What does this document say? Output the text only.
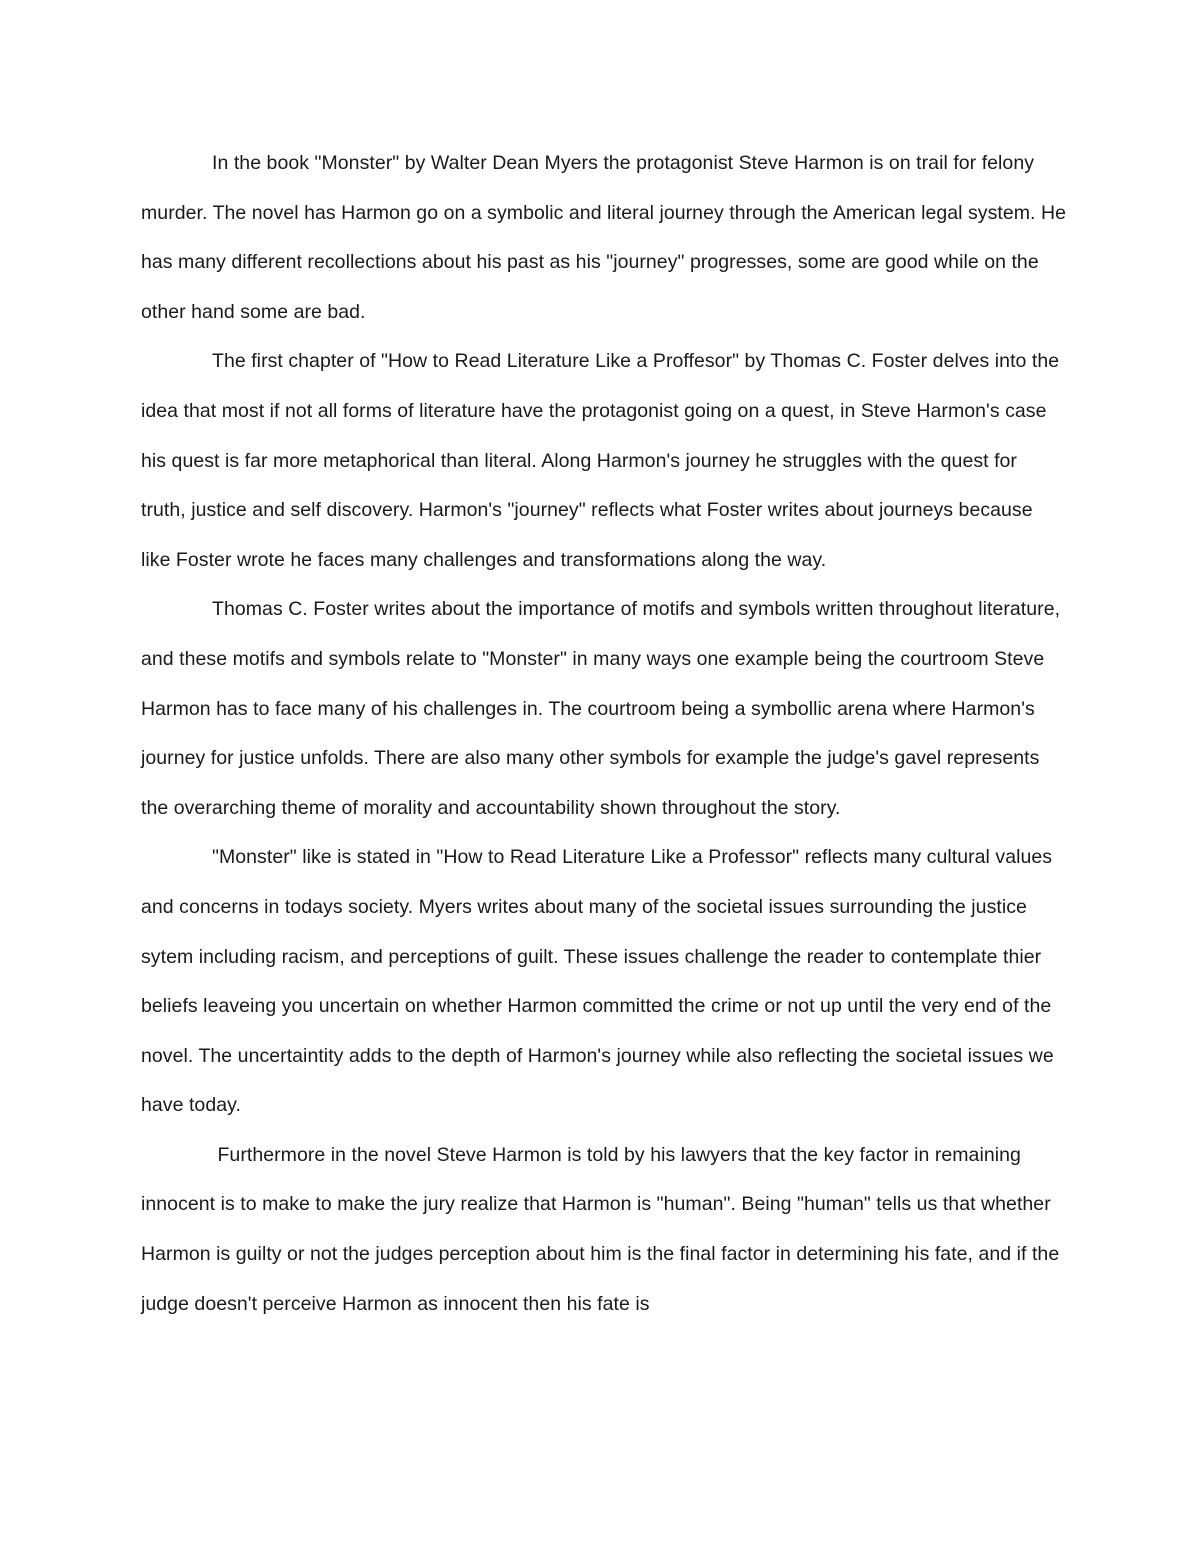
In the book "Monster" by Walter Dean Myers the protagonist Steve Harmon is on trail for felony murder. The novel has Harmon go on a symbolic and literal journey through the American legal system. He has many different recollections about his past as his "journey" progresses, some are good while on the other hand some are bad.

The first chapter of "How to Read Literature Like a Proffesor" by Thomas C. Foster delves into the idea that most if not all forms of literature have the protagonist going on a quest, in Steve Harmon's case his quest is far more metaphorical than literal. Along Harmon's journey he struggles with the quest for truth, justice and self discovery. Harmon's "journey" reflects what Foster writes about journeys because like Foster wrote he faces many challenges and transformations along the way.

Thomas C. Foster writes about the importance of motifs and symbols written throughout literature, and these motifs and symbols relate to "Monster" in many ways one example being the courtroom Steve Harmon has to face many of his challenges in. The courtroom being a symbollic arena where Harmon's journey for justice unfolds. There are also many other symbols for example the judge's gavel represents the overarching theme of morality and accountability shown throughout the story.

"Monster" like is stated in "How to Read Literature Like a Professor" reflects many cultural values and concerns in todays society. Myers writes about many of the societal issues surrounding the justice sytem including racism, and perceptions of guilt. These issues challenge the reader to contemplate thier beliefs leaveing you uncertain on whether Harmon committed the crime or not up until the very end of the novel. The uncertaintity adds to the depth of Harmon's journey while also reflecting the societal issues we have today.

Furthermore in the novel Steve Harmon is told by his lawyers that the key factor in remaining innocent is to make to make the jury realize that Harmon is "human". Being "human" tells us that whether Harmon is guilty or not the judges perception about him is the final factor in determining his fate, and if the judge doesn't perceive Harmon as innocent then his fate is
